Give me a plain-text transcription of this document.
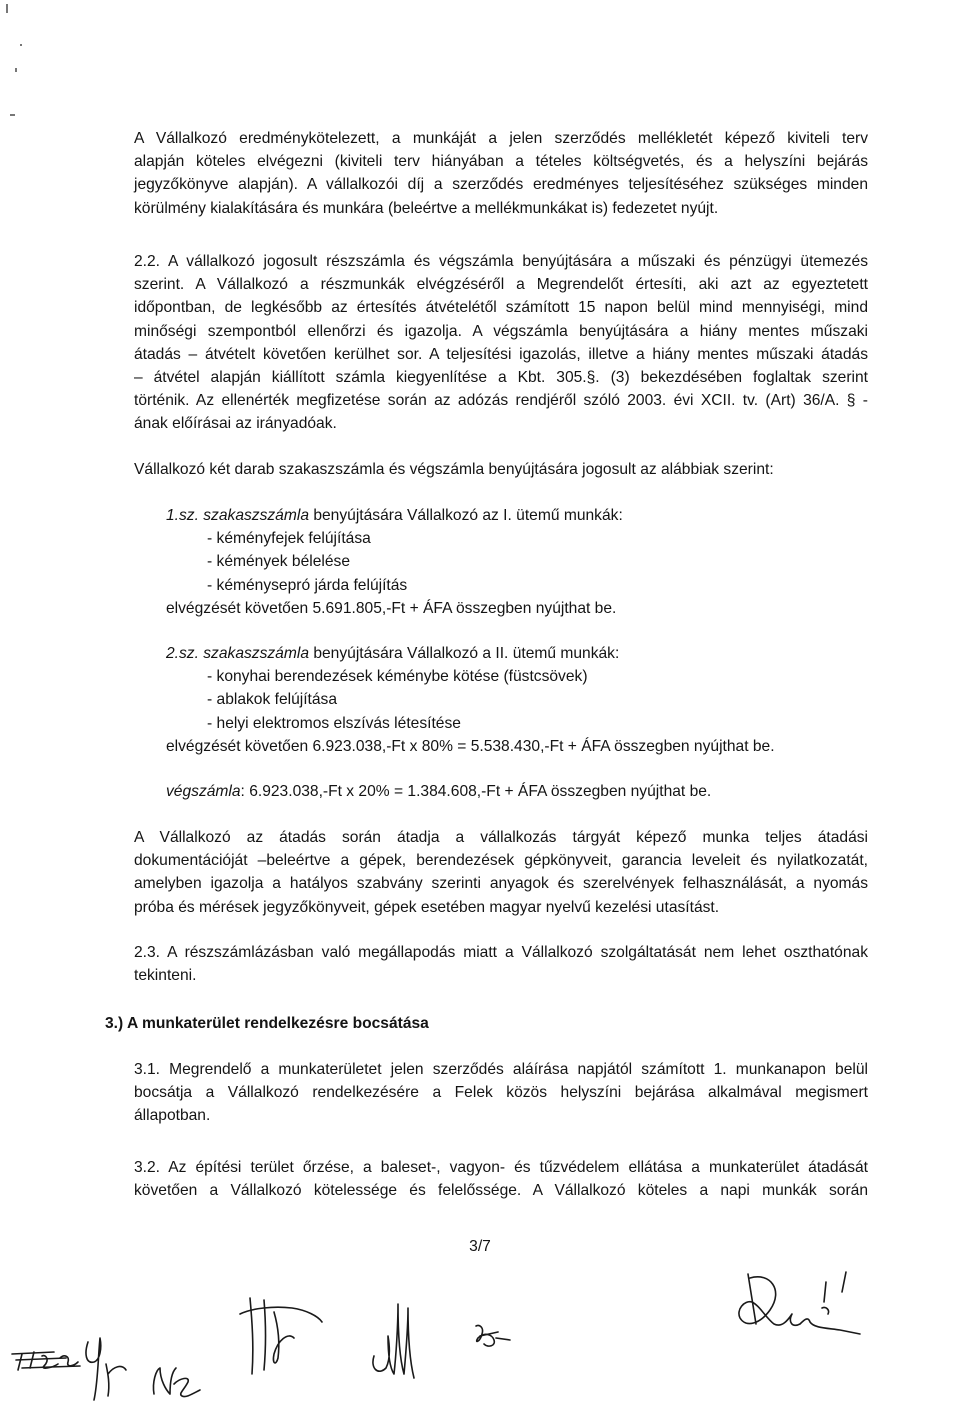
A Vállalkozó eredménykötelezett, a munkáját a jelen szerződés mellékletét képező kiviteli terv
alapján köteles elvégezni (kiviteli terv hiányában a tételes költségvetés, és a helyszíni bejárás
jegyzőkönyve alapján). A vállalkozói díj a szerződés eredményes teljesítéséhez szükséges minden
körülmény kialakítására és munkára (beleértve a mellékmunkákat is) fedezetet nyújt.
2.2. A vállalkozó jogosult részszámla és végszámla benyújtására a műszaki és pénzügyi ütemezés
szerint. A Vállalkozó a részmunkák elvégzéséről a Megrendelőt értesíti, aki azt az egyeztetett
időpontban, de legkésőbb az értesítés átvételétől számított 15 napon belül mind mennyiségi, mind
minőségi szempontból ellenőrzi és igazolja. A végszámla benyújtására a hiány mentes műszaki
átadás – átvételt követően kerülhet sor. A teljesítési igazolás, illetve a hiány mentes műszaki átadás
– átvétel alapján kiállított számla kiegyenlítése a Kbt. 305.§. (3) bekezdésében foglaltak szerint
történik. Az ellenérték megfizetése során az adózás rendjéről szóló 2003. évi XCII. tv. (Art) 36/A. § -
ának előírásai az irányadóak.
Vállalkozó két darab szakaszszámla és végszámla benyújtására jogosult az alábbiak szerint:
1.sz. szakaszszámla benyújtására Vállalkozó az I. ütemű munkák:
- kéményfejek felújítása
- kémények bélelése
- kéménysepró járda felújítás
elvégzését követően 5.691.805,-Ft + ÁFA összegben nyújthat be.
2.sz. szakaszszámla benyújtására Vállalkozó a II. ütemű munkák:
- konyhai berendezések kéménybe kötése (füstcsövek)
- ablakok felújítása
- helyi elektromos elszívás létesítése
elvégzését követően 6.923.038,-Ft x 80% = 5.538.430,-Ft + ÁFA összegben nyújthat be.
végszámla: 6.923.038,-Ft x 20% = 1.384.608,-Ft + ÁFA összegben nyújthat be.
A Vállalkozó az átadás során átadja a vállalkozás tárgyát képező munka teljes átadási
dokumentációját –beleértve a gépek, berendezések gépkönyveit, garancia leveleit és nyilatkozatát,
amelyben igazolja a hatályos szabvány szerinti anyagok és szerelvények felhasználását, a nyomás
próba és mérések jegyzőkönyveit, gépek esetében magyar nyelvű kezelési utasítást.
2.3. A részszámlázásban való megállapodás miatt a Vállalkozó szolgáltatását nem lehet oszthatónak
tekinteni.
3.) A munkaterület rendelkezésre bocsátása
3.1. Megrendelő a munkaterületet jelen szerződés aláírása napjától számított 1. munkanapon belül
bocsátja a Vállalkozó rendelkezésére a Felek közös helyszíni bejárása alkalmával megismert
állapotban.
3.2. Az építési terület őrzése, a baleset-, vagyon- és tűzvédelem ellátása a munkaterület átadását
követően a Vállalkozó kötelessége és felelőssége. A Vállalkozó köteles a napi munkák során
3/7
